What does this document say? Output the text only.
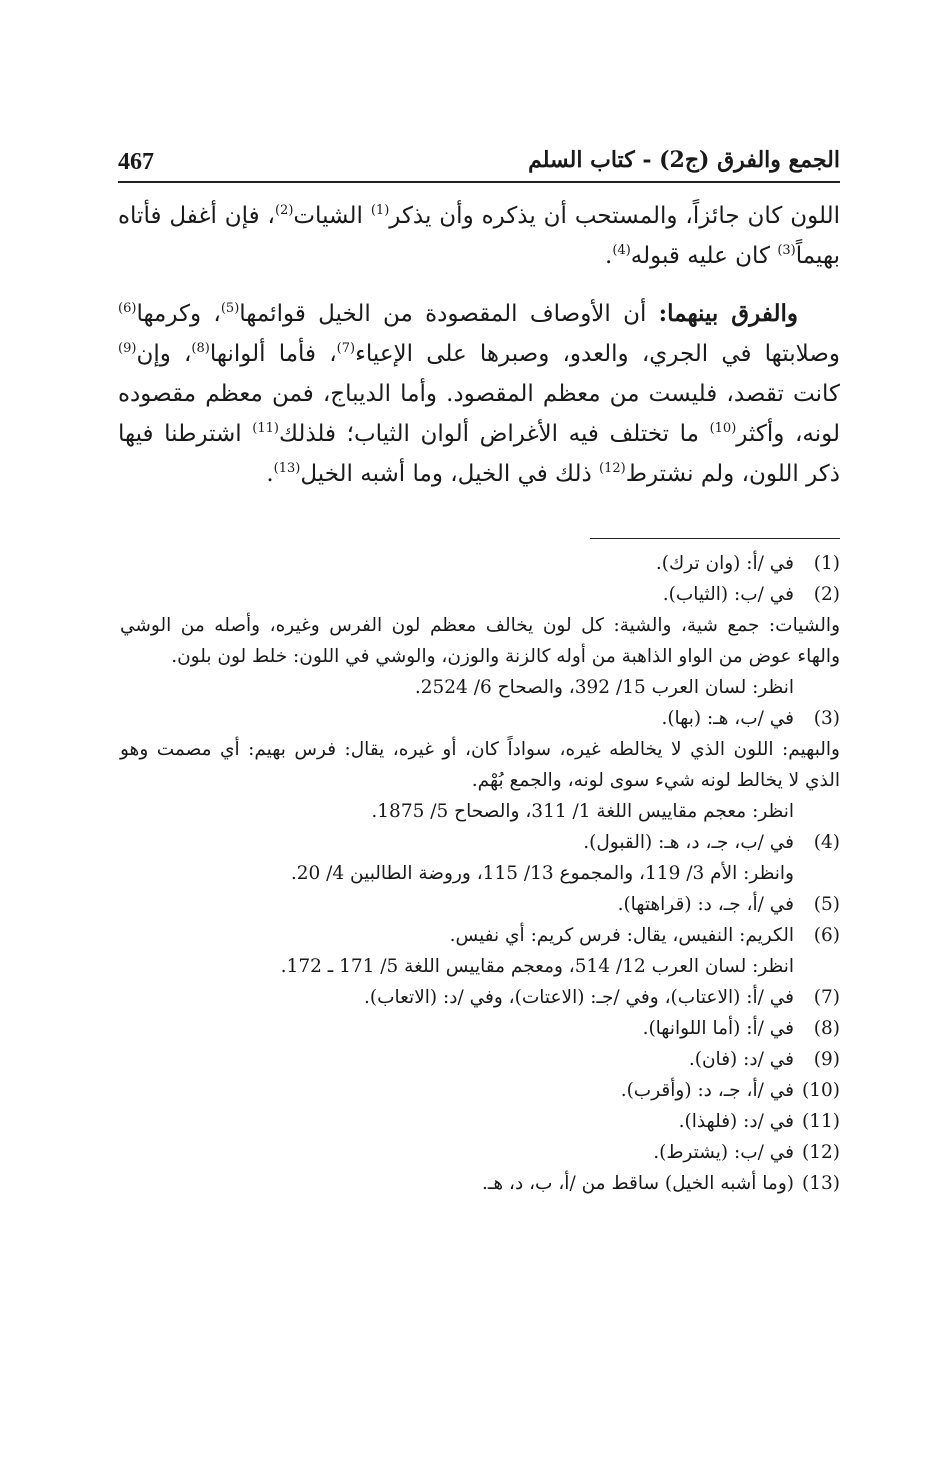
467	الجمع والفرق (ج2) - كتاب السلم

اللون كان جائزاً، والمستحب أن يذكره وأن يذكر$^{(1)}$ الشيات$^{(2)}$، فإن أغفل فأتاه بهيماً$^{(3)}$ كان عليه قبوله$^{(4)}$.

والفرق بينهما: أن الأوصاف المقصودة من الخيل قوائمها$^{(5)}$، وكرمها$^{(6)}$ وصلابتها في الجري، والعدو، وصبرها على الإعياء$^{(7)}$، فأما ألوانها$^{(8)}$، وإن$^{(9)}$ كانت تقصد، فليست من معظم المقصود. وأما الديباج، فمن معظم مقصوده لونه، وأكثر$^{(10)}$ ما تختلف فيه الأغراض ألوان الثياب؛ فلذلك$^{(11)}$ اشترطنا فيها ذكر اللون، ولم نشترط$^{(12)}$ ذلك في الخيل، وما أشبه الخيل$^{(13)}$.

(1)
في /أ: (وان ترك).
(2)
في /ب: (الثياب).
والشيات: جمع شية، والشية: كل لون يخالف معظم لون الفرس وغيره، وأصله من الوشي والهاء عوض من الواو الذاهبة من أوله كالزنة والوزن، والوشي في اللون: خلط لون بلون.
انظر: لسان العرب 15/ 392، والصحاح 6/ 2524.
(3)
في /ب، هـ: (بها).
والبهيم: اللون الذي لا يخالطه غيره، سواداً كان، أو غيره، يقال: فرس بهيم: أي مصمت وهو الذي لا يخالط لونه شيء سوى لونه، والجمع بُهْم.
انظر: معجم مقاييس اللغة 1/ 311، والصحاح 5/ 1875.
(4)
في /ب، جـ، د، هـ: (القبول).
وانظر: الأم 3/ 119، والمجموع 13/ 115، وروضة الطالبين 4/ 20.
(5)
في /أ، جـ، د: (قراهتها).
(6)
الكريم: النفيس، يقال: فرس كريم: أي نفيس.
انظر: لسان العرب 12/ 514، ومعجم مقاييس اللغة 5/ 171 ـ 172.
(7)
في /أ: (الاعتاب)، وفي /جـ: (الاعتات)، وفي /د: (الاتعاب).
(8)
في /أ: (أما اللوانها).
(9)
في /د: (فان).
(10)
في /أ، جـ، د: (وأقرب).
(11)
في /د: (فلهذا).
(12)
في /ب: (يشترط).
(13)
(وما أشبه الخيل) ساقط من /أ، ب، د، هـ.
